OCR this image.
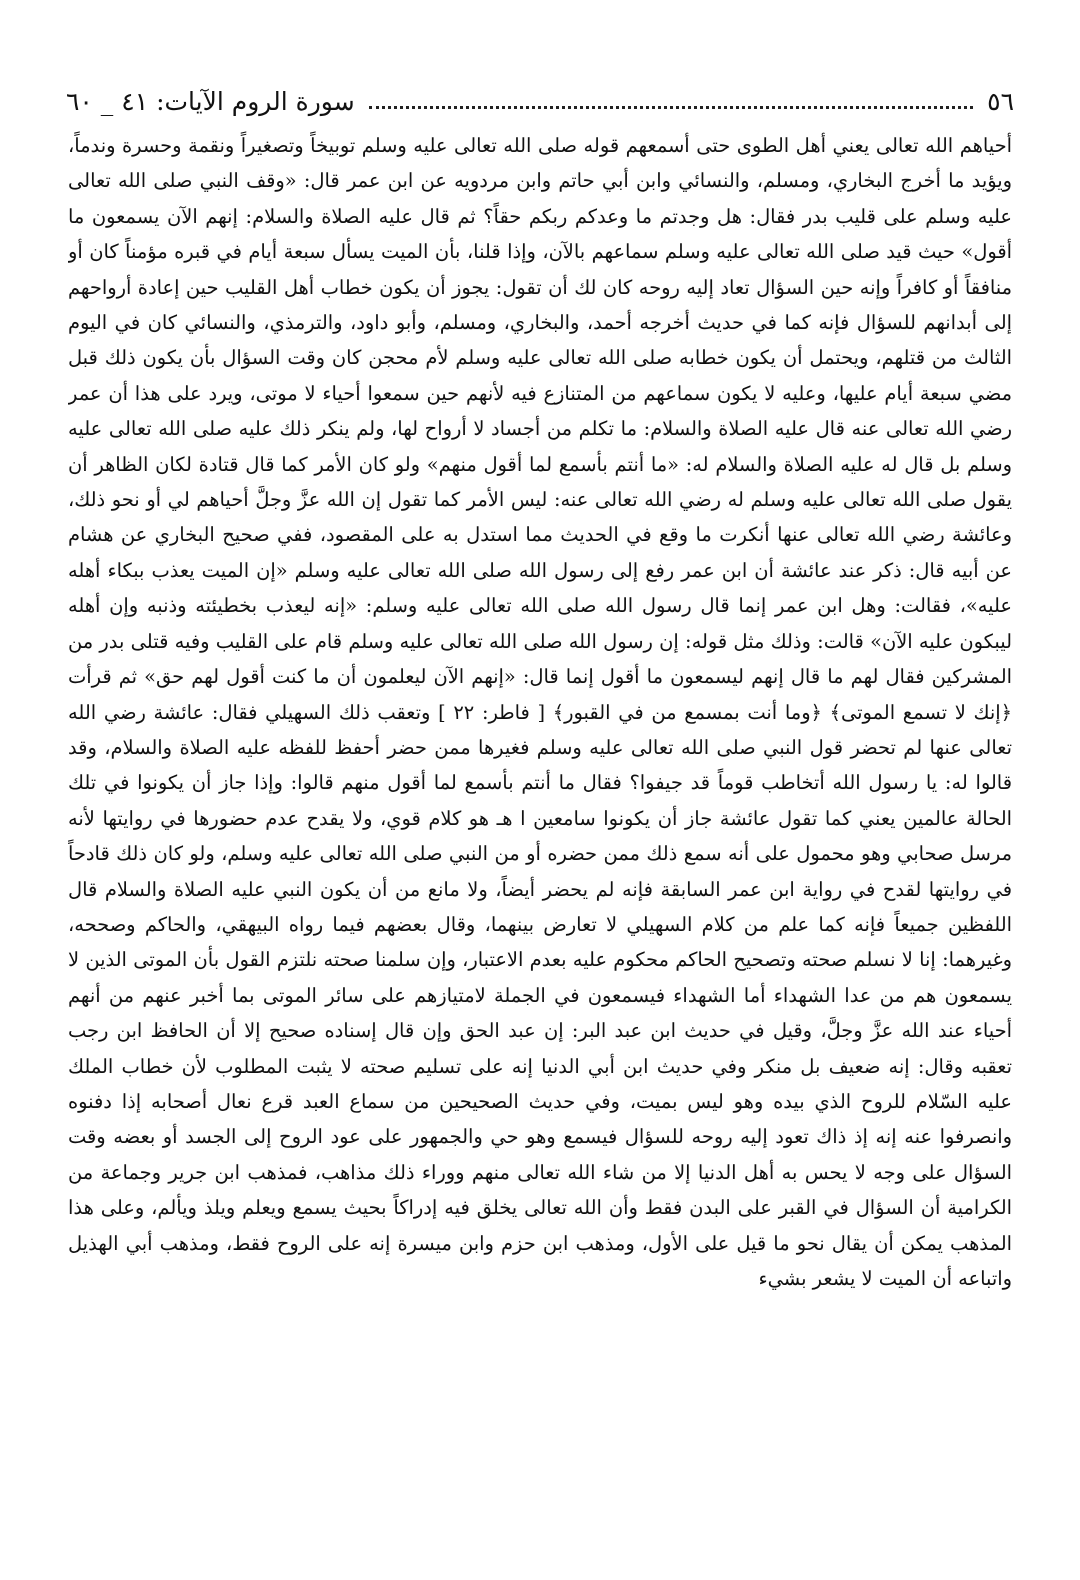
٥٦
سورة الروم الآيات: ٤١ _ ٦٠

أحياهم الله تعالى يعني أهل الطوى حتى أسمعهم قوله صلى الله تعالى عليه وسلم توبيخاً وتصغيراً ونقمة وحسرة وندماً، ويؤيد ما أخرج البخاري، ومسلم، والنسائي وابن أبي حاتم وابن مردويه عن ابن عمر قال: «وقف النبي صلى الله تعالى عليه وسلم على قليب بدر فقال: هل وجدتم ما وعدكم ربكم حقاً؟ ثم قال عليه الصلاة والسلام: إنهم الآن يسمعون ما أقول» حيث قيد صلى الله تعالى عليه وسلم سماعهم بالآن، وإذا قلنا، بأن الميت يسأل سبعة أيام في قبره مؤمناً كان أو منافقاً أو كافراً وإنه حين السؤال تعاد إليه روحه كان لك أن تقول: يجوز أن يكون خطاب أهل القليب حين إعادة أرواحهم إلى أبدانهم للسؤال فإنه كما في حديث أخرجه أحمد، والبخاري، ومسلم، وأبو داود، والترمذي، والنسائي كان في اليوم الثالث من قتلهم، ويحتمل أن يكون خطابه صلى الله تعالى عليه وسلم لأم محجن كان وقت السؤال بأن يكون ذلك قبل مضي سبعة أيام عليها، وعليه لا يكون سماعهم من المتنازع فيه لأنهم حين سمعوا أحياء لا موتى، ويرد على هذا أن عمر رضي الله تعالى عنه قال عليه الصلاة والسلام: ما تكلم من أجساد لا أرواح لها، ولم ينكر ذلك عليه صلى الله تعالى عليه وسلم بل قال له عليه الصلاة والسلام له: «ما أنتم بأسمع لما أقول منهم» ولو كان الأمر كما قال قتادة لكان الظاهر أن يقول صلى الله تعالى عليه وسلم له رضي الله تعالى عنه: ليس الأمر كما تقول إن الله عزَّ وجلَّ أحياهم لي أو نحو ذلك، وعائشة رضي الله تعالى عنها أنكرت ما وقع في الحديث مما استدل به على المقصود، ففي صحيح البخاري عن هشام عن أبيه قال: ذكر عند عائشة أن ابن عمر رفع إلى رسول الله صلى الله تعالى عليه وسلم «إن الميت يعذب ببكاء أهله عليه»، فقالت: وهل ابن عمر إنما قال رسول الله صلى الله تعالى عليه وسلم: «إنه ليعذب بخطيئته وذنبه وإن أهله ليبكون عليه الآن» قالت: وذلك مثل قوله: إن رسول الله صلى الله تعالى عليه وسلم قام على القليب وفيه قتلى بدر من المشركين فقال لهم ما قال إنهم ليسمعون ما أقول إنما قال: «إنهم الآن ليعلمون أن ما كنت أقول لهم حق» ثم قرأت ﴿إنك لا تسمع الموتى﴾ ﴿وما أنت بمسمع من في القبور﴾ [ فاطر: ٢٢ ] وتعقب ذلك السهيلي فقال: عائشة رضي الله تعالى عنها لم تحضر قول النبي صلى الله تعالى عليه وسلم فغيرها ممن حضر أحفظ للفظه عليه الصلاة والسلام، وقد قالوا له: يا رسول الله أتخاطب قوماً قد جيفوا؟ فقال ما أنتم بأسمع لما أقول منهم قالوا: وإذا جاز أن يكونوا في تلك الحالة عالمين يعني كما تقول عائشة جاز أن يكونوا سامعين ا هـ هو كلام قوي، ولا يقدح عدم حضورها في روايتها لأنه مرسل صحابي وهو محمول على أنه سمع ذلك ممن حضره أو من النبي صلى الله تعالى عليه وسلم، ولو كان ذلك قادحاً في روايتها لقدح في رواية ابن عمر السابقة فإنه لم يحضر أيضاً، ولا مانع من أن يكون النبي عليه الصلاة والسلام قال اللفظين جميعاً فإنه كما علم من كلام السهيلي لا تعارض بينهما، وقال بعضهم فيما رواه البيهقي، والحاكم وصححه، وغيرهما: إنا لا نسلم صحته وتصحيح الحاكم محكوم عليه بعدم الاعتبار، وإن سلمنا صحته نلتزم القول بأن الموتى الذين لا يسمعون هم من عدا الشهداء أما الشهداء فيسمعون في الجملة لامتيازهم على سائر الموتى بما أخبر عنهم من أنهم أحياء عند الله عزَّ وجلَّ، وقيل في حديث ابن عبد البر: إن عبد الحق وإن قال إسناده صحيح إلا أن الحافظ ابن رجب تعقبه وقال: إنه ضعيف بل منكر وفي حديث ابن أبي الدنيا إنه على تسليم صحته لا يثبت المطلوب لأن خطاب الملك عليه السّلام للروح الذي بيده وهو ليس بميت، وفي حديث الصحيحين من سماع العبد قرع نعال أصحابه إذا دفنوه وانصرفوا عنه إنه إذ ذاك تعود إليه روحه للسؤال فيسمع وهو حي والجمهور على عود الروح إلى الجسد أو بعضه وقت السؤال على وجه لا يحس به أهل الدنيا إلا من شاء الله تعالى منهم ووراء ذلك مذاهب، فمذهب ابن جرير وجماعة من الكرامية أن السؤال في القبر على البدن فقط وأن الله تعالى يخلق فيه إدراكاً بحيث يسمع ويعلم ويلذ ويألم، وعلى هذا المذهب يمكن أن يقال نحو ما قيل على الأول، ومذهب ابن حزم وابن ميسرة إنه على الروح فقط، ومذهب أبي الهذيل واتباعه أن الميت لا يشعر بشيء
